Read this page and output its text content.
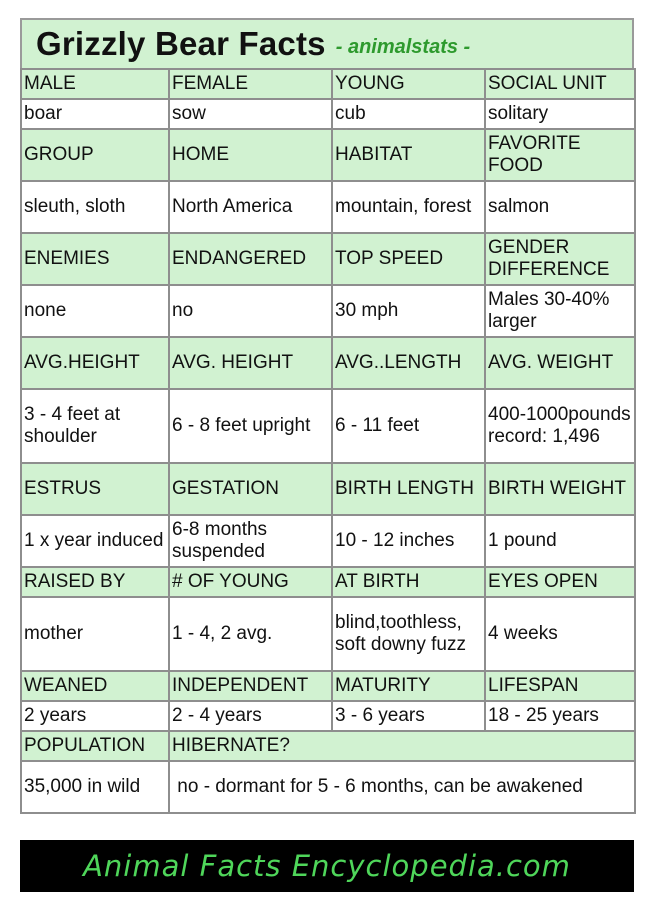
Grizzly Bear Facts - animalstats -
MALE	FEMALE	YOUNG	SOCIAL UNIT
boar	sow	cub	solitary
GROUP	HOME	HABITAT	FAVORITE FOOD
sleuth, sloth	North America	mountain, forest	salmon
ENEMIES	ENDANGERED	TOP SPEED	GENDER DIFFERENCE
none	no	30 mph	Males 30-40% larger
AVG.HEIGHT	AVG. HEIGHT	AVG..LENGTH	AVG. WEIGHT
3 - 4 feet at shoulder	6 - 8 feet upright	6 - 11 feet	400-1000pounds record: 1,496
ESTRUS	GESTATION	BIRTH LENGTH	BIRTH WEIGHT
1 x year induced	6-8 months suspended	10 - 12 inches	1 pound
RAISED BY	# OF YOUNG	AT BIRTH	EYES OPEN
mother	1 - 4, 2 avg.	blind,toothless, soft downy fuzz	4 weeks
WEANED	INDEPENDENT	MATURITY	LIFESPAN
2 years	2 - 4 years	3 - 6 years	18 - 25 years
POPULATION	HIBERNATE?		
35,000 in wild	no - dormant for 5 - 6 months, can be awakened		
Animal Facts Encyclopedia.com
